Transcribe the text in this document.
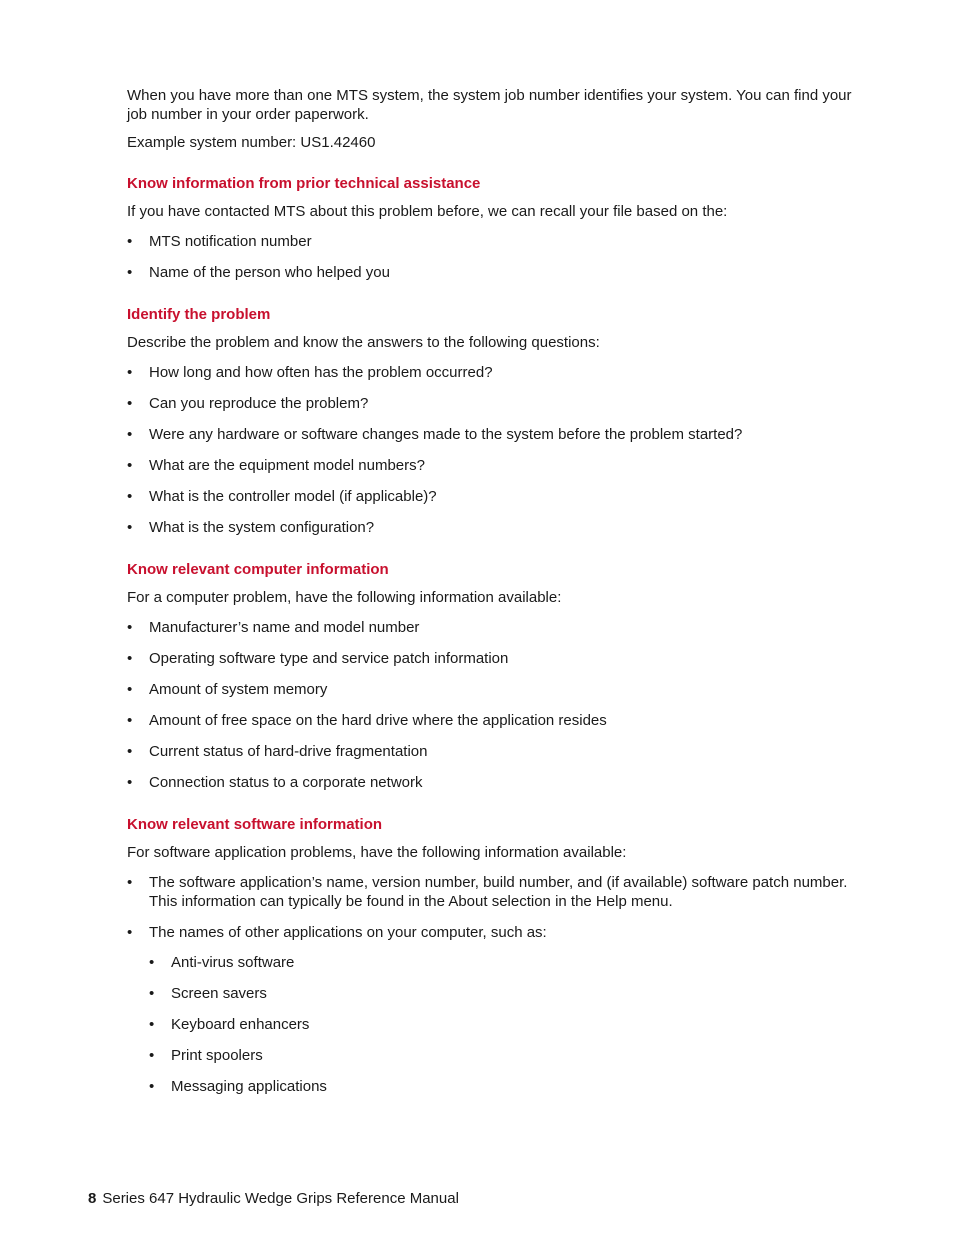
When you have more than one MTS system, the system job number identifies your system. You can find your job number in your order paperwork.

Example system number: US1.42460

Know information from prior technical assistance

If you have contacted MTS about this problem before, we can recall your file based on the:

• MTS notification number
• Name of the person who helped you
Identify the problem

Describe the problem and know the answers to the following questions:

• How long and how often has the problem occurred?
• Can you reproduce the problem?
• Were any hardware or software changes made to the system before the problem started?
• What are the equipment model numbers?
• What is the controller model (if applicable)?
• What is the system configuration?
Know relevant computer information

For a computer problem, have the following information available:

• Manufacturer’s name and model number
• Operating software type and service patch information
• Amount of system memory
• Amount of free space on the hard drive where the application resides
• Current status of hard-drive fragmentation
• Connection status to a corporate network
Know relevant software information

For software application problems, have the following information available:

• The software application’s name, version number, build number, and (if available) software patch number. This information can typically be found in the About selection in the Help menu.
• The names of other applications on your computer, such as:
• Anti-virus software
• Screen savers
• Keyboard enhancers
• Print spoolers
• Messaging applications
8 Series 647 Hydraulic Wedge Grips Reference Manual
